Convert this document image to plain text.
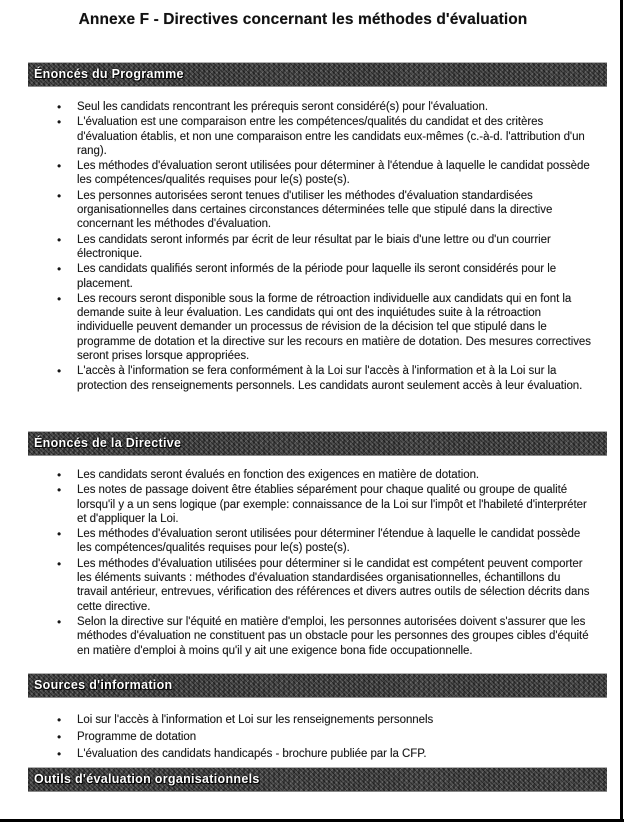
Annexe F - Directives concernant les méthodes d'évaluation
Énoncés du Programme
•	Seul les candidats rencontrant les prérequis seront considéré(s) pour l'évaluation.
•	L'évaluation est une comparaison entre les compétences/qualités du candidat et des critères d'évaluation établis, et non une comparaison entre les candidats eux-mêmes (c.-à-d. l'attribution d'un rang).
•	Les méthodes d'évaluation seront utilisées pour déterminer à l'étendue à laquelle le candidat possède les compétences/qualités requises pour le(s) poste(s).
•	Les personnes autorisées seront tenues d'utiliser les méthodes d'évaluation standardisées organisationnelles dans certaines circonstances déterminées telle que stipulé dans la directive concernant les méthodes d'évaluation.
•	Les candidats seront informés par écrit de leur résultat par le biais d'une lettre ou d'un courrier électronique.
•	Les candidats qualifiés seront informés de la période pour laquelle ils seront considérés pour le placement.
•	Les recours seront disponible sous la forme de rétroaction individuelle aux candidats qui en font la demande suite à leur évaluation. Les candidats qui ont des inquiétudes suite à la rétroaction individuelle peuvent demander un processus de révision de la décision tel que stipulé dans le programme de dotation et la directive sur les recours en matière de dotation. Des mesures correctives seront prises lorsque appropriées.
•	L'accès à l'information se fera conformément à la Loi sur l'accès à l'information et à la Loi sur la protection des renseignements personnels. Les candidats auront seulement accès à leur évaluation.
Énoncés de la Directive
•	Les candidats seront évalués en fonction des exigences en matière de dotation.
•	Les notes de passage doivent être établies séparément pour chaque qualité ou groupe de qualité lorsqu'il y a un sens logique (par exemple: connaissance de la Loi sur l'impôt et l'habileté d'interpréter et d'appliquer la Loi.
•	Les méthodes d'évaluation seront utilisées pour déterminer l'étendue à laquelle le candidat possède les compétences/qualités requises pour le(s) poste(s).
•	Les méthodes d'évaluation utilisées pour déterminer si le candidat est compétent peuvent comporter les éléments suivants : méthodes d'évaluation standardisées organisationnelles, échantillons du travail antérieur, entrevues, vérification des références et divers autres outils de sélection décrits dans cette directive.
•	Selon la directive sur l'équité en matière d'emploi, les personnes autorisées doivent s'assurer que les méthodes d'évaluation ne constituent pas un obstacle pour les personnes des groupes cibles d'équité en matière d'emploi à moins qu'il y ait une exigence bona fide occupationnelle.
Sources d'information
•	Loi sur l'accès à l'information et Loi sur les renseignements personnels
•	Programme de dotation
•	L'évaluation des candidats handicapés - brochure publiée par la CFP.
Outils d'évaluation organisationnels
